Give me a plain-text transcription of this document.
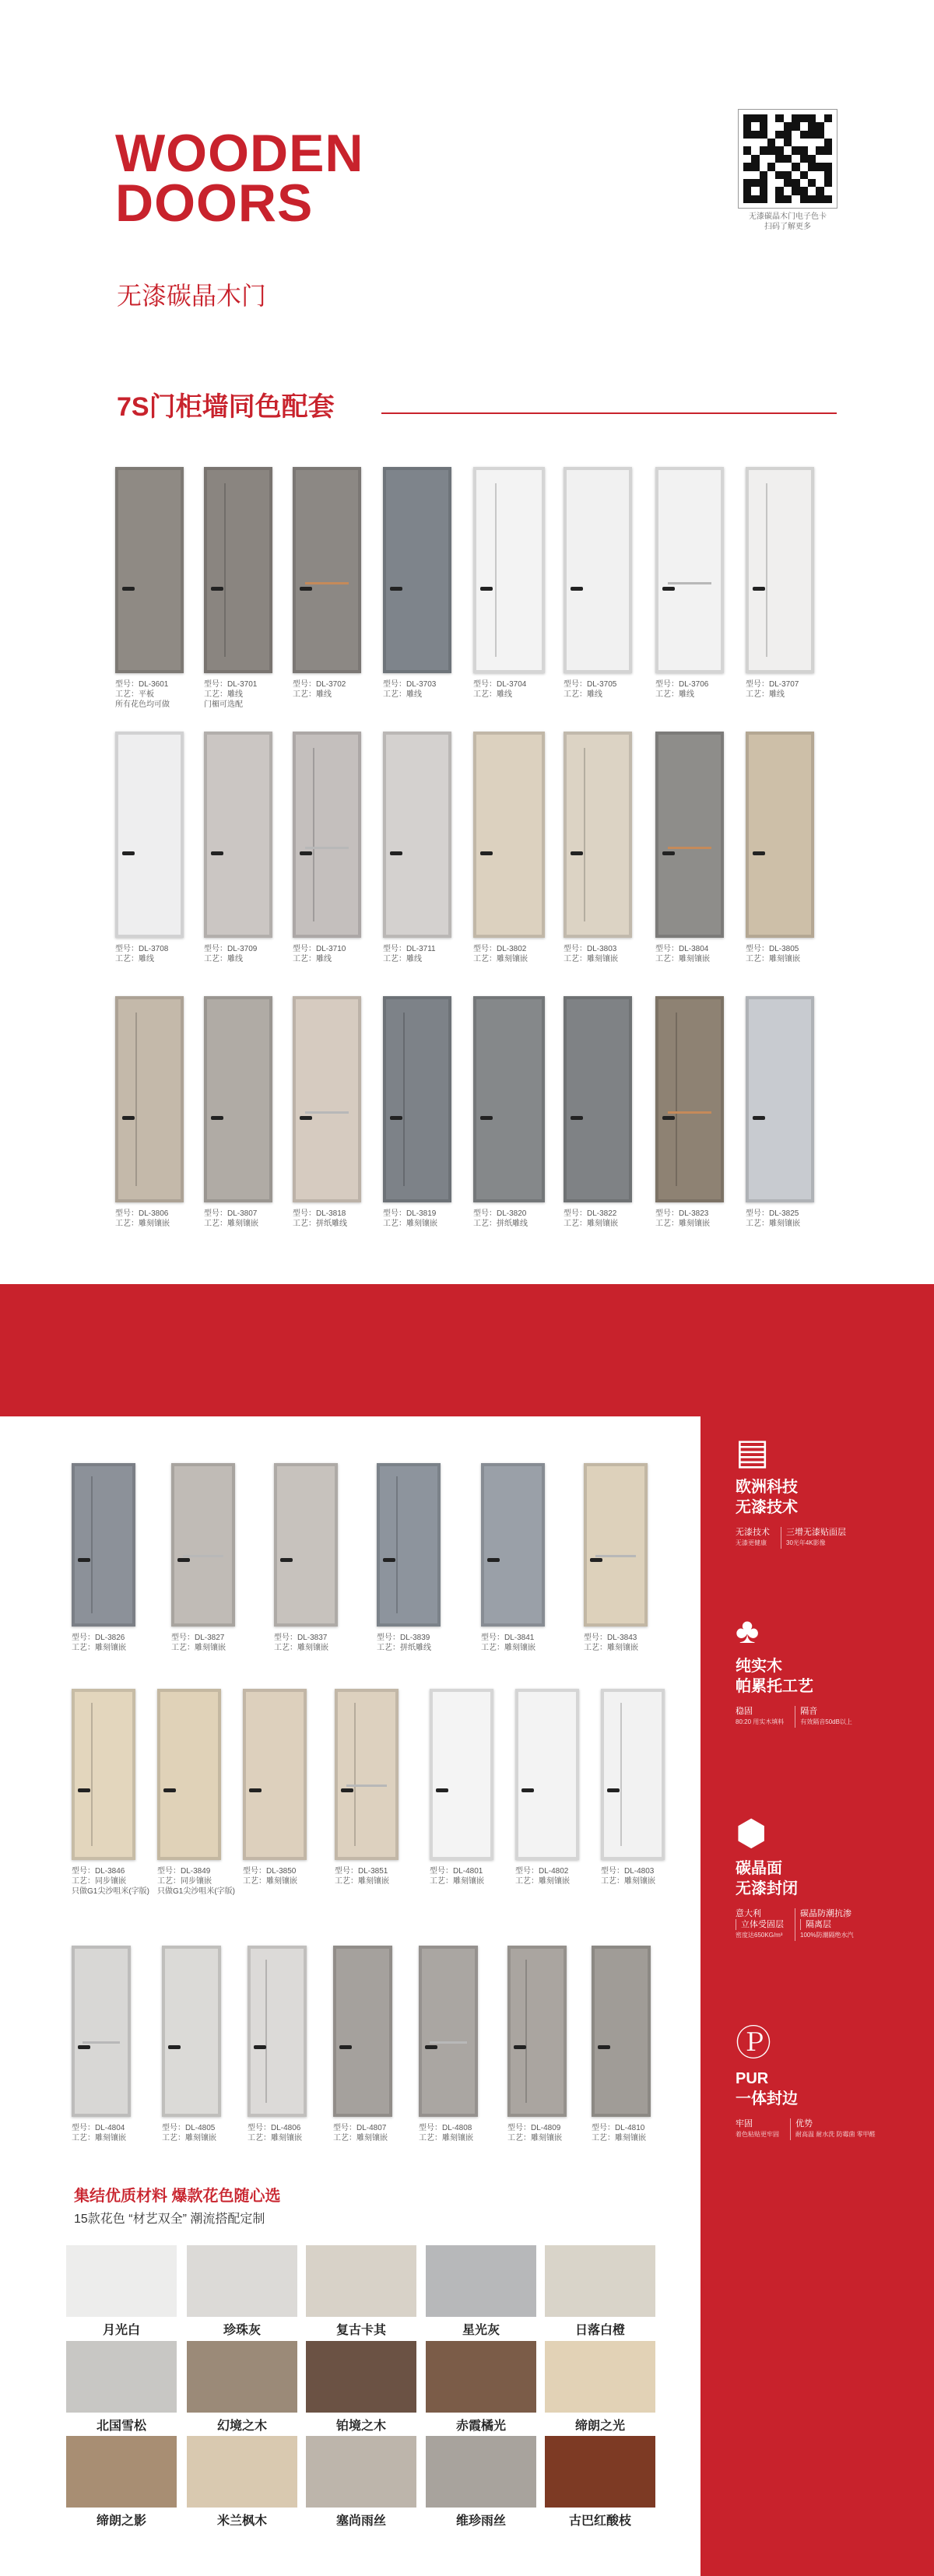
WOODEN
DOORS
无漆碳晶木门
无漆碳晶木门电子色卡
扫码了解更多
7S门柜墙同色配套
型号：DL-3601
工艺：平板
所有花色均可做
型号：DL-3701
工艺：雕线
门楣可选配
型号：DL-3702
工艺：雕线
型号：DL-3703
工艺：雕线
型号：DL-3704
工艺：雕线
型号：DL-3705
工艺：雕线
型号：DL-3706
工艺：雕线
型号：DL-3707
工艺：雕线
型号：DL-3708
工艺：雕线
型号：DL-3709
工艺：雕线
型号：DL-3710
工艺：雕线
型号：DL-3711
工艺：雕线
型号：DL-3802
工艺：雕刻镶嵌
型号：DL-3803
工艺：雕刻镶嵌
型号：DL-3804
工艺：雕刻镶嵌
型号：DL-3805
工艺：雕刻镶嵌
型号：DL-3806
工艺：雕刻镶嵌
型号：DL-3807
工艺：雕刻镶嵌
型号：DL-3818
工艺：拼纸雕线
型号：DL-3819
工艺：雕刻镶嵌
型号：DL-3820
工艺：拼纸雕线
型号：DL-3822
工艺：雕刻镶嵌
型号：DL-3823
工艺：雕刻镶嵌
型号：DL-3825
工艺：雕刻镶嵌
型号：DL-3826
工艺：雕刻镶嵌
型号：DL-3827
工艺：雕刻镶嵌
型号：DL-3837
工艺：雕刻镶嵌
型号：DL-3839
工艺：拼纸雕线
型号：DL-3841
工艺：雕刻镶嵌
型号：DL-3843
工艺：雕刻镶嵌
型号：DL-3846
工艺：同步镶嵌
只做G1尖沙咀米(字版)
型号：DL-3849
工艺：同步镶嵌
只做G1尖沙咀米(字版)
型号：DL-3850
工艺：雕刻镶嵌
型号：DL-3851
工艺：雕刻镶嵌
型号：DL-4801
工艺：雕刻镶嵌
型号：DL-4802
工艺：雕刻镶嵌
型号：DL-4803
工艺：雕刻镶嵌
型号：DL-4804
工艺：雕刻镶嵌
型号：DL-4805
工艺：雕刻镶嵌
型号：DL-4806
工艺：雕刻镶嵌
型号：DL-4807
工艺：雕刻镶嵌
型号：DL-4808
工艺：雕刻镶嵌
型号：DL-4809
工艺：雕刻镶嵌
型号：DL-4810
工艺：雕刻镶嵌
▤
欧洲科技
无漆技术
无漆技术
无漆更健康
三增无漆贴面层
30光年4K影像
♣
纯实木
帕累托工艺
稳固
80:20 用实木填料
隔音
有效隔音50dB以上
⬢
碳晶面
无漆封闭
意大利
立体受固层
密度达650KG/m³
碳晶防潮抗渗
隔离层
100%防潮隔绝水汽
Ⓟ
PUR
一体封边
牢固
着色粘贴更牢固
优势
耐高温 耐水洗 防霉菌 零甲醛
集结优质材料 爆款花色随心选
15款花色 “材艺双全” 潮流搭配定制
月光白	珍珠灰	复古卡其	星光灰	日落白橙
北国雪松	幻境之木	铂境之木	赤霞橘光	缔朗之光
缔朗之影	米兰枫木	塞尚雨丝	维珍雨丝	古巴红酸枝
